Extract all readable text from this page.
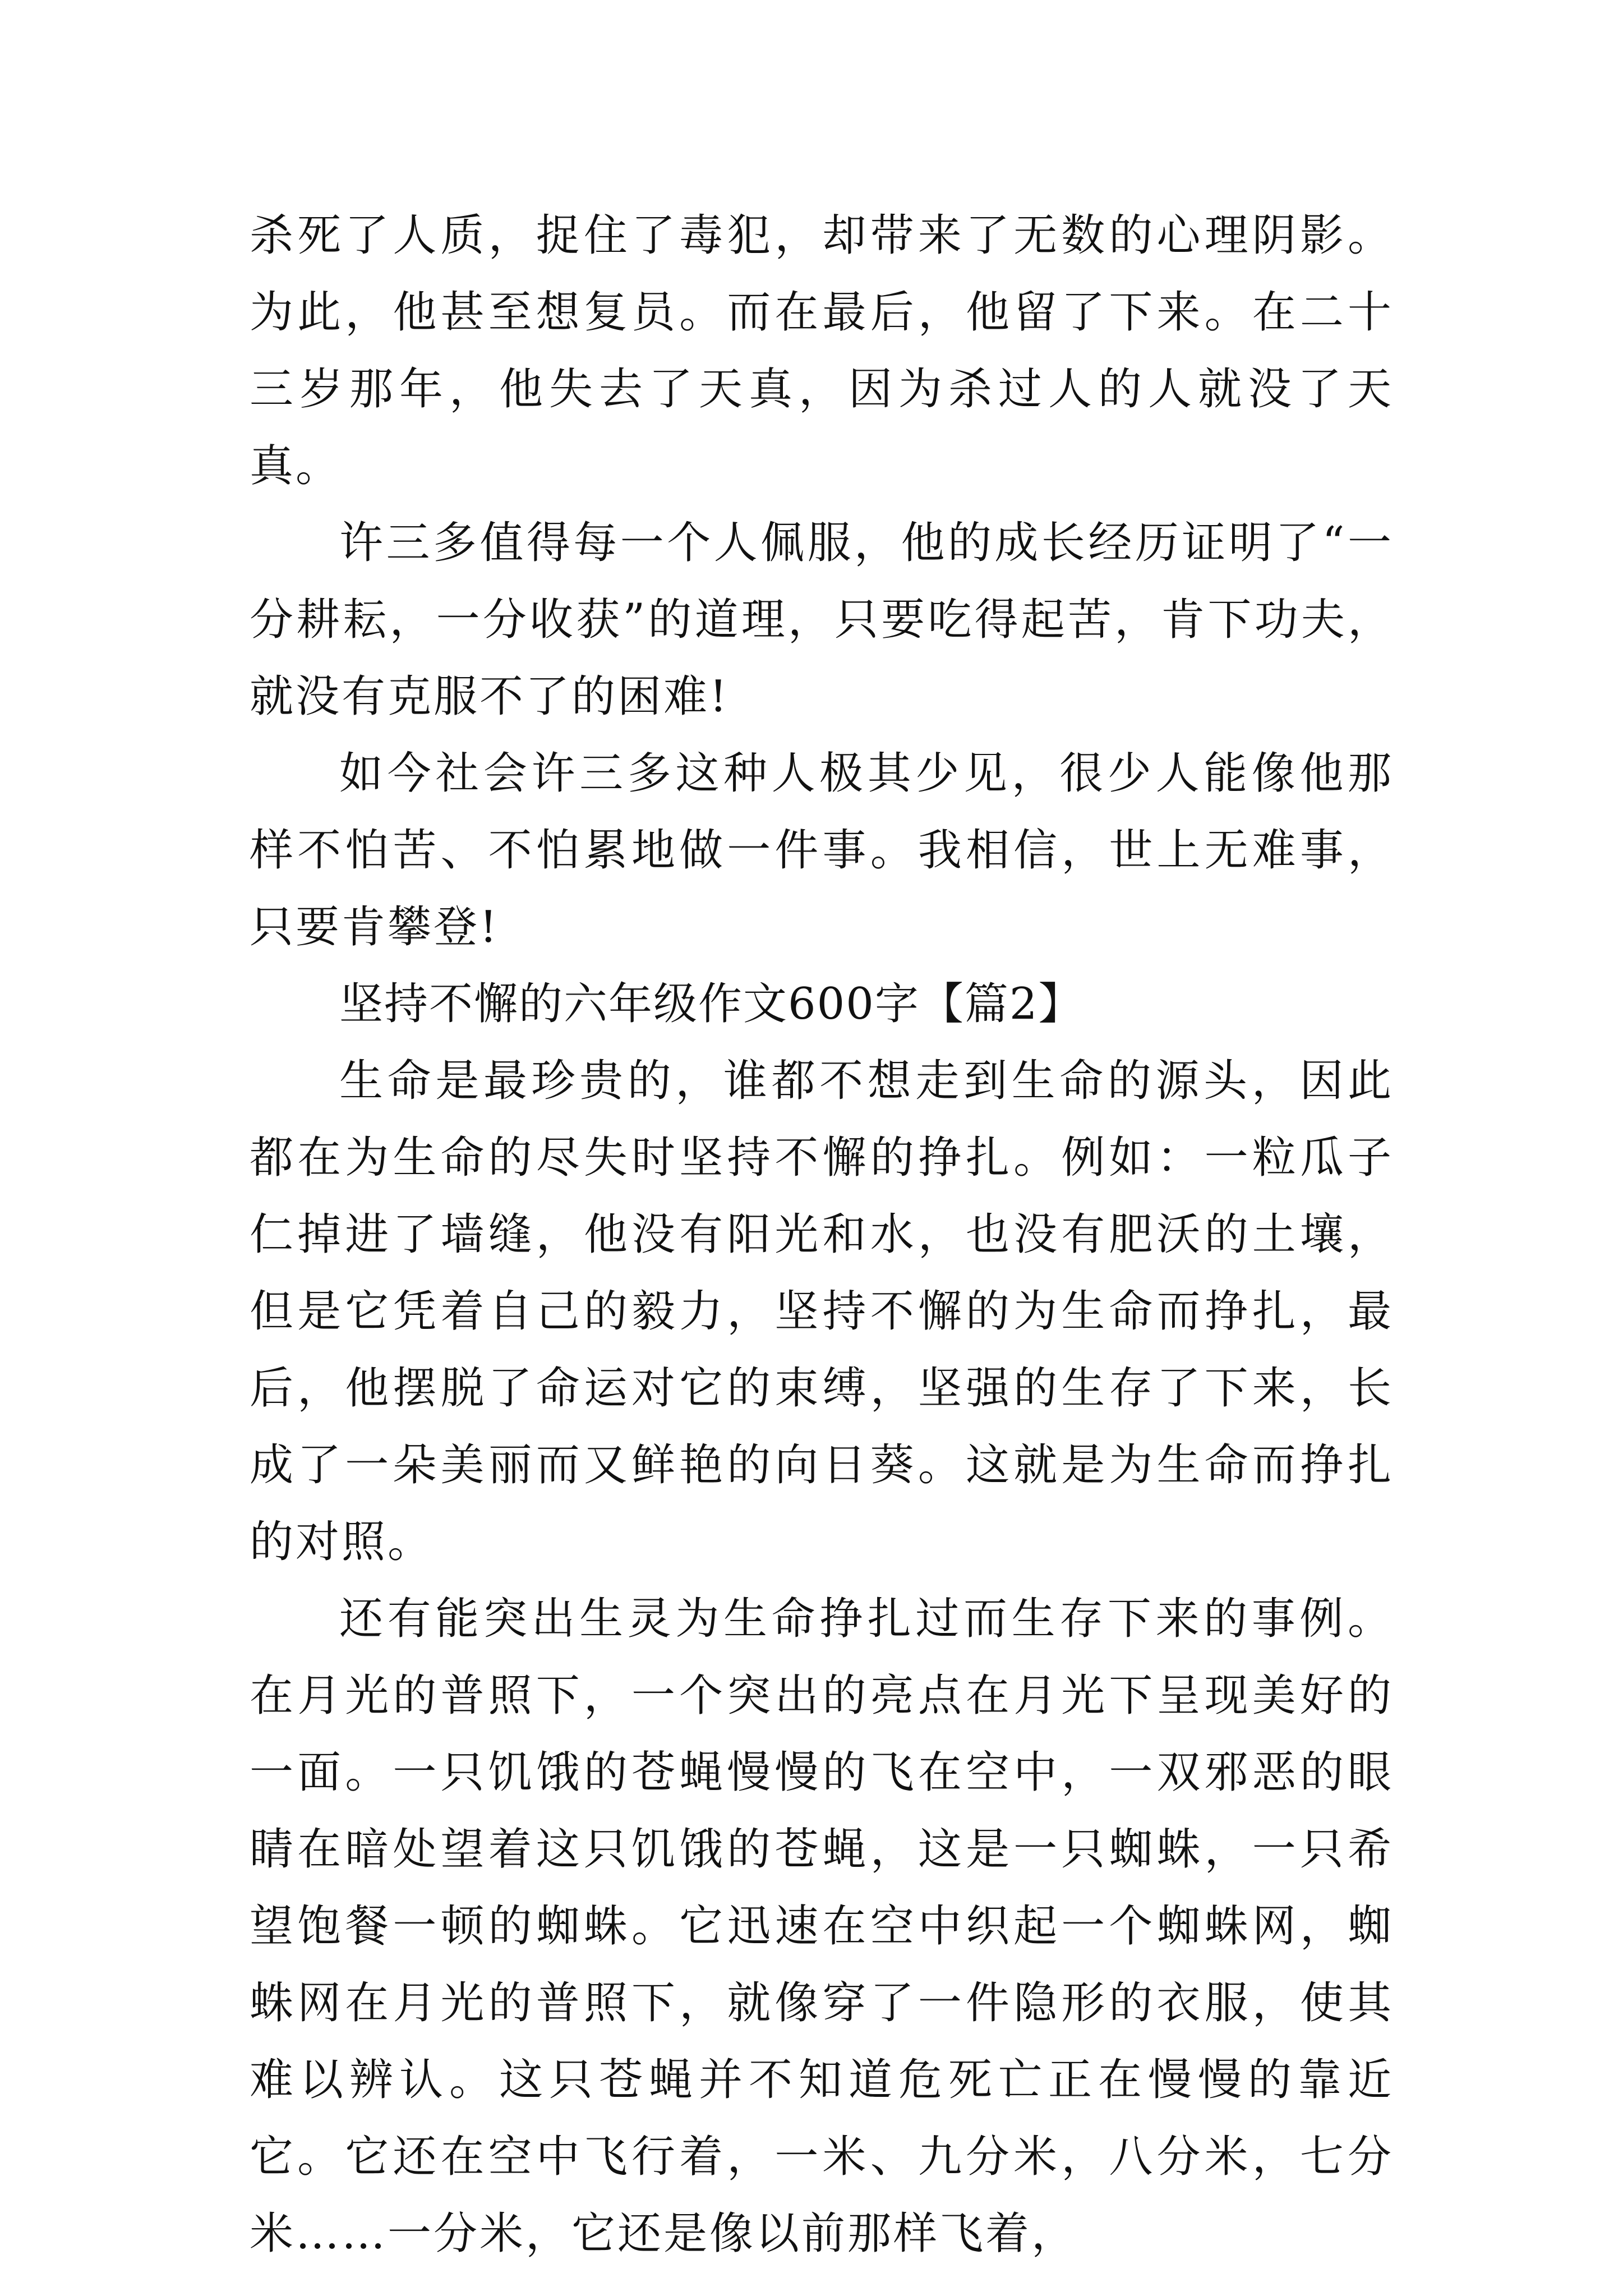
杀死了人质，捉住了毒犯，却带来了无数的心理阴影。为此，他甚至想复员。而在最后，他留了下来。在二十三岁那年，他失去了天真，因为杀过人的人就没了天真。

许三多值得每一个人佩服，他的成长经历证明了“一分耕耘，一分收获”的道理，只要吃得起苦，肯下功夫，就没有克服不了的困难!

如今社会许三多这种人极其少见，很少人能像他那样不怕苦、不怕累地做一件事。我相信，世上无难事，只要肯攀登!

坚持不懈的六年级作文600字【篇2】

生命是最珍贵的，谁都不想走到生命的源头，因此都在为生命的尽失时坚持不懈的挣扎。例如：一粒瓜子仁掉进了墙缝，他没有阳光和水，也没有肥沃的土壤，但是它凭着自己的毅力，坚持不懈的为生命而挣扎，最后，他摆脱了命运对它的束缚，坚强的生存了下来，长成了一朵美丽而又鲜艳的向日葵。这就是为生命而挣扎的对照。

还有能突出生灵为生命挣扎过而生存下来的事例。在月光的普照下，一个突出的亮点在月光下呈现美好的一面。一只饥饿的苍蝇慢慢的飞在空中，一双邪恶的眼睛在暗处望着这只饥饿的苍蝇，这是一只蜘蛛，一只希望饱餐一顿的蜘蛛。它迅速在空中织起一个蜘蛛网，蜘蛛网在月光的普照下，就像穿了一件隐形的衣服，使其难以辨认。这只苍蝇并不知道危死亡正在慢慢的靠近它。它还在空中飞行着，一米、九分米，八分米，七分米……一分米，它还是像以前那样飞着，
